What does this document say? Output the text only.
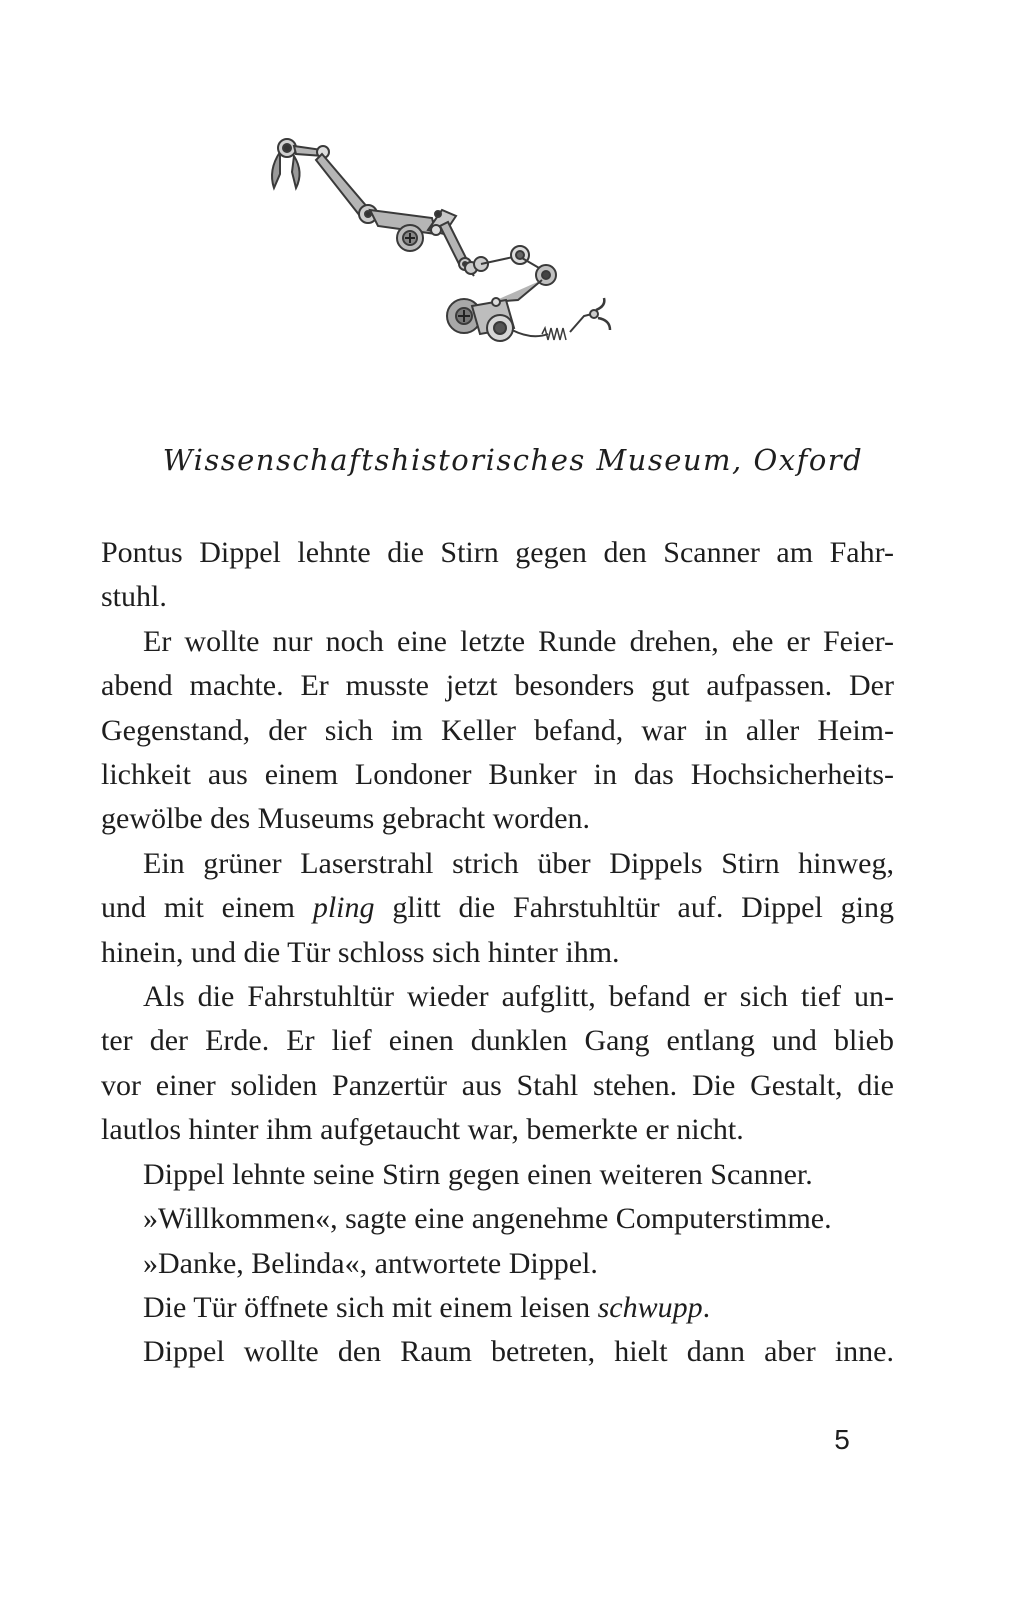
Wissenschaftshistorisches Museum, Oxford
Pontus Dippel lehnte die Stirn gegen den Scanner am Fahr-
stuhl.
Er wollte nur noch eine letzte Runde drehen, ehe er Feier-
abend machte. Er musste jetzt besonders gut aufpassen. Der
Gegenstand, der sich im Keller befand, war in aller Heim-
lichkeit aus einem Londoner Bunker in das Hochsicherheits-
gewölbe des Museums gebracht worden.
Ein grüner Laserstrahl strich über Dippels Stirn hinweg,
und mit einem pling glitt die Fahrstuhltür auf. Dippel ging
hinein, und die Tür schloss sich hinter ihm.
Als die Fahrstuhltür wieder aufglitt, befand er sich tief un-
ter der Erde. Er lief einen dunklen Gang entlang und blieb
vor einer soliden Panzertür aus Stahl stehen. Die Gestalt, die
lautlos hinter ihm aufgetaucht war, bemerkte er nicht.
Dippel lehnte seine Stirn gegen einen weiteren Scanner.
»Willkommen«, sagte eine angenehme Computerstimme.
»Danke, Belinda«, antwortete Dippel.
Die Tür öffnete sich mit einem leisen schwupp.
Dippel wollte den Raum betreten, hielt dann aber inne.
5
